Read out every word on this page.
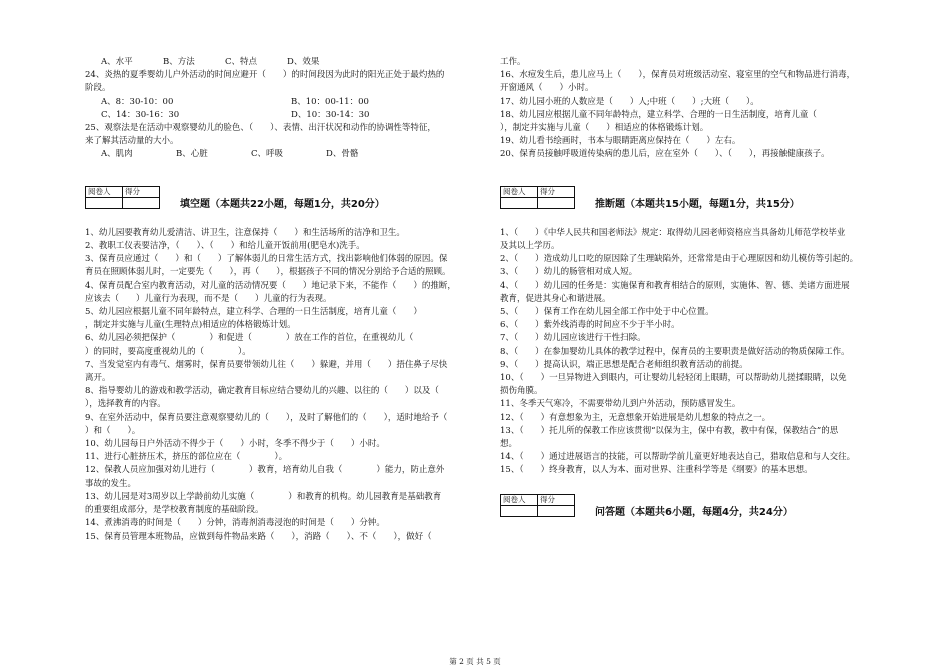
A、水平	B、方法	C、特点	D、效果
24、炎热的夏季婴幼儿户外活动的时间应避开（　　）的时间段因为此时的阳光正处于最灼热的
阶段。
A、8：30-10：00	B、10：00-11：00
C、14：30-16：30	D、10：30-14：30
25、观察法是在活动中观察婴幼儿的脸色、（　　）、表情、出汗状况和动作的协调性等特征，
来了解其活动量的大小。
A、肌肉	B、心脏	C、呼吸	D、骨骼
阅卷人	得分

填空题（本题共22小题，每题1分，共20分）
1、幼儿园要教育幼儿爱清洁、讲卫生，注意保持（　　）和生活场所的洁净和卫生。
2、教职工仪表要洁净，（　　）、（　　）和给儿童开饭前用(肥皂水)洗手。
3、保育员应通过（　　）和（　　）了解体弱儿的日常生活方式，找出影响他们体弱的原因。保
育员在照顾体弱儿时，一定要先（　　），再（　　），根据孩子不同的情况分别给予合适的照顾。
4、保育员配合室内教育活动，对儿童的活动情况要（　　）地记录下来，不能作（　　）的推断，
应该去（　　）儿童行为表现，而不是（　　）儿童的行为表现。
5、幼儿园应根据儿童不同年龄特点，建立科学、合理的一日生活制度，培育儿童（　　）
，制定并实施与儿童(生理特点)相适应的体格锻炼计划。
6、幼儿园必须把保护（　　　　）和促进（　　　　）放在工作的首位，在重视幼儿（　　
）的同时，要高度重视幼儿的（　　　　）。
7、当发觉室内有毒气、烟雾时，保育员要带领幼儿往（　　）躲避，并用（　　）捂住鼻子尽快
离开。
8、指导婴幼儿的游戏和教学活动，确定教育目标应结合婴幼儿的兴趣、以往的（　　）以及（
），选择教育的内容。
9、在室外活动中，保育员要注意观察婴幼儿的（　　），及时了解他们的（　　），适时地给予（
）和（　　）。
10、幼儿园每日户外活动不得少于（　　）小时，冬季不得少于（　　）小时。
11、进行心脏挤压术，挤压的部位应在（　　　　）。
12、保教人员应加强对幼儿进行（　　　　）教育，培育幼儿自我（　　　　）能力，防止意外
事故的发生。
13、幼儿园是对3周岁以上学龄前幼儿实施（　　　　）和教育的机构。幼儿园教育是基础教育
的重要组成部分，是学校教育制度的基础阶段。
14、煮沸消毒的时间是（　　）分钟，消毒剂消毒浸泡的时间是（　　）分钟。
15、保育员管理本班物品，应做到每件物品来路（　　），消路（　　）、不（　　），做好（　　
工作。
16、水痘发生后，患儿应马上（　　），保育员对班级活动室、寝室里的空气和物品进行消毒，
开窗通风（　　）小时。
17、幼儿园小班的人数应是（　　）人;中班（　　）;大班（　　）。
18、幼儿园应根据儿童不同年龄特点，建立科学、合理的一日生活制度，培育儿童（　　
），制定并实施与儿童（　　）相适应的体格锻炼计划。
19、幼儿看书绘画时，书本与眼睛距离应保持在（　　）左右。
20、保育员接触呼吸道传染病的患儿后，应在室外（　　）、（　　），再接触健康孩子。
阅卷人	得分

推断题（本题共15小题，每题1分，共15分）
1、（　　）《中华人民共和国老师法》规定：取得幼儿园老师资格应当具备幼儿师范学校毕业
及其以上学历。
2、（　　）造成幼儿口吃的原因除了生理缺陷外，还常常是由于心理原因和幼儿模仿等引起的。
3、（　　）幼儿的肠管相对成人短。
4、（　　）幼儿园的任务是：实施保育和教育相结合的原则，实施体、智、德、美诸方面进展
教育，促进其身心和谐进展。
5、（　　）保育工作在幼儿园全部工作中处于中心位置。
6、（　　）紫外线消毒的时间应不少于半小时。
7、（　　）幼儿园应该进行干性扫除。
8、（　　）在参加婴幼儿具体的教学过程中，保育员的主要职责是做好活动的物质保障工作。
9、（　　）提高认识，端正思想是配合老师组织教育活动的前提。
10、（　　）一旦异物进入到眼内，可让婴幼儿轻轻闭上眼睛，可以帮助幼儿搓揉眼睛，以免
损伤角膜。
11、冬季天气寒冷，不需要带幼儿到户外活动，预防感冒发生。
12、（　　）有意想象为主，无意想象开始进展是幼儿想象的特点之一。
13、（　　）托儿所的保教工作应该贯彻“以保为主，保中有教，教中有保，保教结合”的思
想。
14、（　　）通过进展语言的技能，可以帮助学前儿童更好地表达自己，猎取信息和与人交往。
15、（　　）终身教育，以人为本、面对世界、注重科学等是《纲要》的基本思想。
阅卷人	得分

问答题（本题共6小题，每题4分，共24分）
第 2 页 共 5 页
